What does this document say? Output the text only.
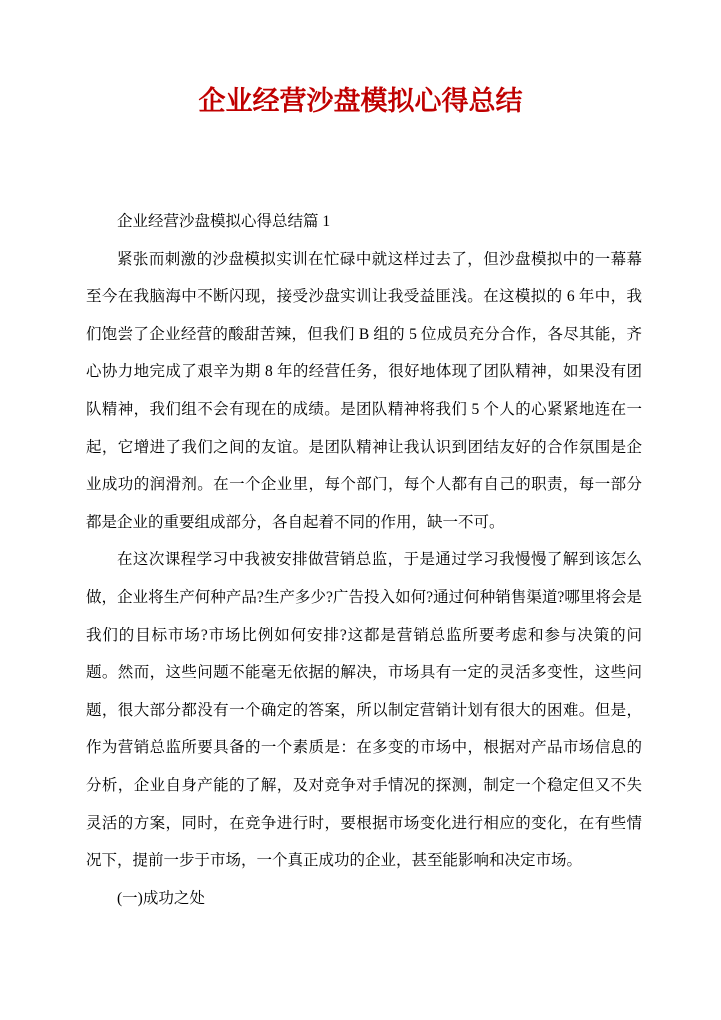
企业经营沙盘模拟心得总结

企业经营沙盘模拟心得总结篇 1

紧张而刺激的沙盘模拟实训在忙碌中就这样过去了，但沙盘模拟中的一幕幕至今在我脑海中不断闪现，接受沙盘实训让我受益匪浅。在这模拟的 6 年中，我们饱尝了企业经营的酸甜苦辣，但我们 B 组的 5 位成员充分合作，各尽其能，齐心协力地完成了艰辛为期 8 年的经营任务，很好地体现了团队精神，如果没有团队精神，我们组不会有现在的成绩。是团队精神将我们 5 个人的心紧紧地连在一起，它增进了我们之间的友谊。是团队精神让我认识到团结友好的合作氛围是企业成功的润滑剂。在一个企业里，每个部门，每个人都有自己的职责，每一部分都是企业的重要组成部分，各自起着不同的作用，缺一不可。

在这次课程学习中我被安排做营销总监，于是通过学习我慢慢了解到该怎么做，企业将生产何种产品?生产多少?广告投入如何?通过何种销售渠道?哪里将会是我们的目标市场?市场比例如何安排?这都是营销总监所要考虑和参与决策的问题。然而，这些问题不能毫无依据的解决，市场具有一定的灵活多变性，这些问题，很大部分都没有一个确定的答案，所以制定营销计划有很大的困难。但是，作为营销总监所要具备的一个素质是：在多变的市场中，根据对产品市场信息的分析，企业自身产能的了解，及对竞争对手情况的探测，制定一个稳定但又不失灵活的方案，同时，在竞争进行时，要根据市场变化进行相应的变化，在有些情况下，提前一步于市场，一个真正成功的企业，甚至能影响和决定市场。

(一)成功之处
